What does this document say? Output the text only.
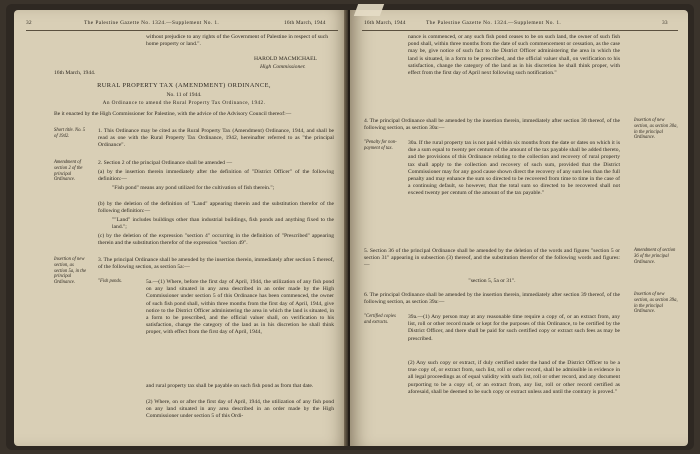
32	The Palestine Gazette No. 1324.—Supplement No. 1.	16th March, 1944
without prejudice to any rights of the Government of Palestine in respect of such home property or land.".
HAROLD MACMICHAEL
High Commissioner.
16th March, 1944.
RURAL PROPERTY TAX (AMENDMENT) ORDINANCE,
No. 11 of 1944.
An Ordinance to amend the Rural Property Tax Ordinance, 1942.
Be it enacted by the High Commissioner for Palestine, with the advice of the Advisory Council thereof:—
Short title. No. 5 of 1942.
1. This Ordinance may be cited as the Rural Property Tax (Amendment) Ordinance, 1944, and shall be read as one with the Rural Property Tax Ordinance, 1942, hereinafter referred to as "the principal Ordinance".
Amendment of section 2 of the principal Ordinance.
2. Section 2 of the principal Ordinance shall be amended —
(a) by the insertion therein immediately after the definition of "District Officer" of the following definition:—
"Fish pond" means any pond utilized for the cultivation of fish therein.";
(b) by the deletion of the definition of "Land" appearing therein and the substitution therefor of the following definition:—
""Land" includes buildings other than industrial buildings, fish ponds and anything fixed to the land.";
(c) by the deletion of the expression "section 4" occurring in the definition of "Prescribed" appearing therein and the substitution therefor of the expression "section 49".
Insertion of new section, as section 5a, in the principal Ordinance.
3. The principal Ordinance shall be amended by the insertion therein, immediately after section 5 thereof, of the following section, as section 5a:—
"Fish ponds.	5a.—(1) Where, before the first day of April, 1944, the utilization of any fish pond on any land situated in any area described in an order made by the High Commissioner under section 5 of this Ordinance has been commenced, the owner of such fish pond shall, within three months from the first day of April, 1944, give notice to the District Officer administering the area in which the land is situated, in a form to be prescribed, and the official valuer shall, on verification to his satisfaction, change the category of the land as in his discretion he shall think proper, with effect from the first day of April, 1944,
and rural property tax shall be payable on such fish pond as from that date.
(2) Where, on or after the first day of April, 1944, the utilization of any fish pond on any land situated in any area described in an order made by the High Commissioner under section 5 of this Ordi-
16th March, 1944	The Palestine Gazette No. 1324.—Supplement No. 1.	33
nance is commenced, or any such fish pond ceases to be on such land, the owner of such fish pond shall, within three months from the date of such commencement or cessation, as the case may be, give notice of such fact to the District Officer administering the area in which the land is situated, in a form to be prescribed, and the official valuer shall, on verification to his satisfaction, change the category of the land as in his discretion he shall think proper, with effect from the first day of April next following such notification."
Insertion of new section, as section 30a, in the principal Ordinance.
4. The principal Ordinance shall be amended by the insertion therein, immediately after section 30 thereof, of the following section, as section 30a:—
"Penalty for non-payment of tax.
30a. If the rural property tax is not paid within six months from the date or dates on which it is due a sum equal to twenty per centum of the amount of the tax payable shall be added thereto, and the provisions of this Ordinance relating to the collection and recovery of rural property tax shall apply to the collection and recovery of such sum, provided that the District Commissioner may for any good cause shown direct the recovery of any sum less than the full penalty and may enhance the sum so directed to be recovered from time to time in the case of a continuing default, so however, that the total sum so directed to be recovered shall not exceed twenty per centum of the amount of the tax payable."
Amendment of section 36 of the principal Ordinance.
5. Section 36 of the principal Ordinance shall be amended by the deletion of the words and figures "section 5 or section 31" appearing in subsection (3) thereof, and the substitution therefor of the following words and figures:—
"section 5, 5a or 31".
Insertion of new section, as section 39a, in the principal Ordinance.
6. The principal Ordinance shall be amended by the insertion therein, immediately after section 39 thereof, of the following section, as section 39a:—
"Certified copies and extracts.
39a.—(1) Any person may at any reasonable time require a copy of, or an extract from, any list, roll or other record made or kept for the purposes of this Ordinance, to be certified by the District Officer, and there shall be paid for such certified copy or extract such fees as may be prescribed.
(2) Any such copy or extract, if duly certified under the hand of the District Officer to be a true copy of, or extract from, such list, roll or other record, shall be admissible in evidence in all legal proceedings as of equal validity with such list, roll or other record, and any document purporting to be a copy of, or an extract from, any list, roll or other record certified as aforesaid, shall be deemed to be such copy or extract unless and until the contrary is proved."
